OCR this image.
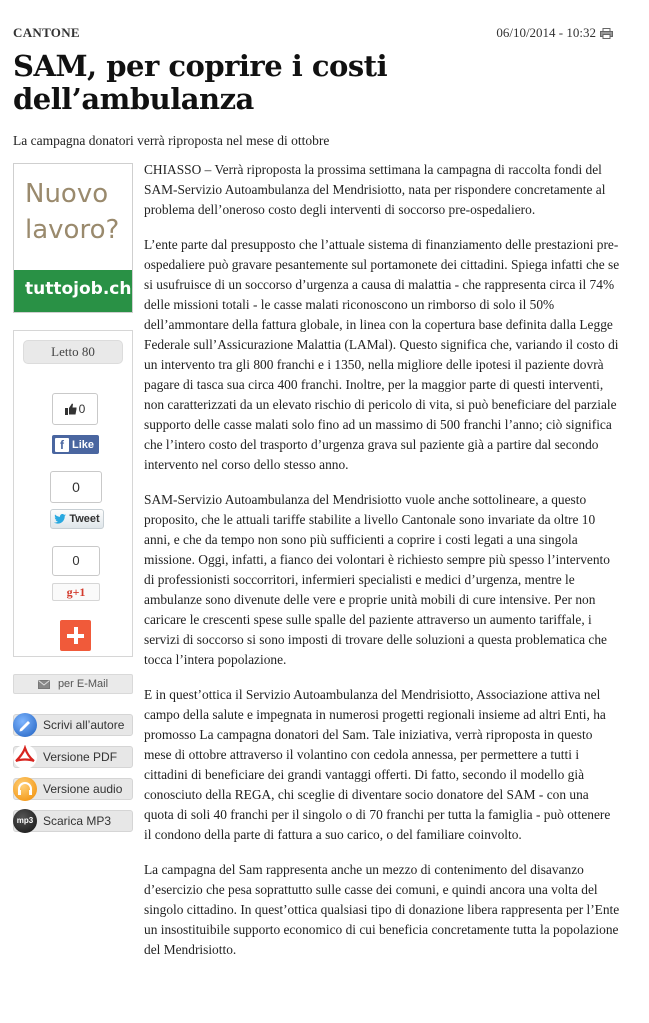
CANTONE	06/10/2014 - 10:32
SAM, per coprire i costi
dell’ambulanza
La campagna donatori verrà riproposta nel mese di ottobre
Nuovo
lavoro?
tuttojob.ch
Letto 80
0
f Like
0
Tweet
0
g+1
per E-Mail
Scrivi all’autore
Versione PDF
Versione audio
mp3 Scarica MP3

CHIASSO – Verrà riproposta la prossima settimana la campagna di raccolta fondi del SAM-Servizio Autoambulanza del Mendrisiotto, nata per rispondere concretamente al problema dell’oneroso costo degli interventi di soccorso pre-ospedaliero.

L’ente parte dal presupposto che l’attuale sistema di finanziamento delle prestazioni pre-ospedaliere può gravare pesantemente sul portamonete dei cittadini. Spiega infatti che se si usufruisce di un soccorso d’urgenza a causa di malattia - che rappresenta circa il 74% delle missioni totali - le casse malati riconoscono un rimborso di solo il 50% dell’ammontare della fattura globale, in linea con la copertura base definita dalla Legge Federale sull’Assicurazione Malattia (LAMal). Questo significa che, variando il costo di un intervento tra gli 800 franchi e i 1350, nella migliore delle ipotesi il paziente dovrà pagare di tasca sua circa 400 franchi. Inoltre, per la maggior parte di questi interventi, non caratterizzati da un elevato rischio di pericolo di vita, si può beneficiare del parziale supporto delle casse malati solo fino ad un massimo di 500 franchi l’anno; ciò significa che l’intero costo del trasporto d’urgenza grava sul paziente già a partire dal secondo intervento nel corso dello stesso anno.

SAM-Servizio Autoambulanza del Mendrisiotto vuole anche sottolineare, a questo proposito, che le attuali tariffe stabilite a livello Cantonale sono invariate da oltre 10 anni, e che da tempo non sono più sufficienti a coprire i costi legati a una singola missione. Oggi, infatti, a fianco dei volontari è richiesto sempre più spesso l’intervento di professionisti soccorritori, infermieri specialisti e medici d’urgenza, mentre le ambulanze sono divenute delle vere e proprie unità mobili di cure intensive. Per non caricare le crescenti spese sulle spalle del paziente attraverso un aumento tariffale, i servizi di soccorso si sono imposti di trovare delle soluzioni a questa problematica che tocca l’intera popolazione.

E in quest’ottica il Servizio Autoambulanza del Mendrisiotto, Associazione attiva nel campo della salute e impegnata in numerosi progetti regionali insieme ad altri Enti, ha promosso La campagna donatori del Sam. Tale iniziativa, verrà riproposta in questo mese di ottobre attraverso il volantino con cedola annessa, per permettere a tutti i cittadini di beneficiare dei grandi vantaggi offerti. Di fatto, secondo il modello già conosciuto della REGA, chi sceglie di diventare socio donatore del SAM - con una quota di soli 40 franchi per il singolo o di 70 franchi per tutta la famiglia - può ottenere il condono della parte di fattura a suo carico, o del familiare coinvolto.

La campagna del Sam rappresenta anche un mezzo di contenimento del disavanzo d’esercizio che pesa soprattutto sulle casse dei comuni, e quindi ancora una volta del singolo cittadino. In quest’ottica qualsiasi tipo di donazione libera rappresenta per l’Ente un insostituibile supporto economico di cui beneficia concretamente tutta la popolazione del Mendrisiotto.
